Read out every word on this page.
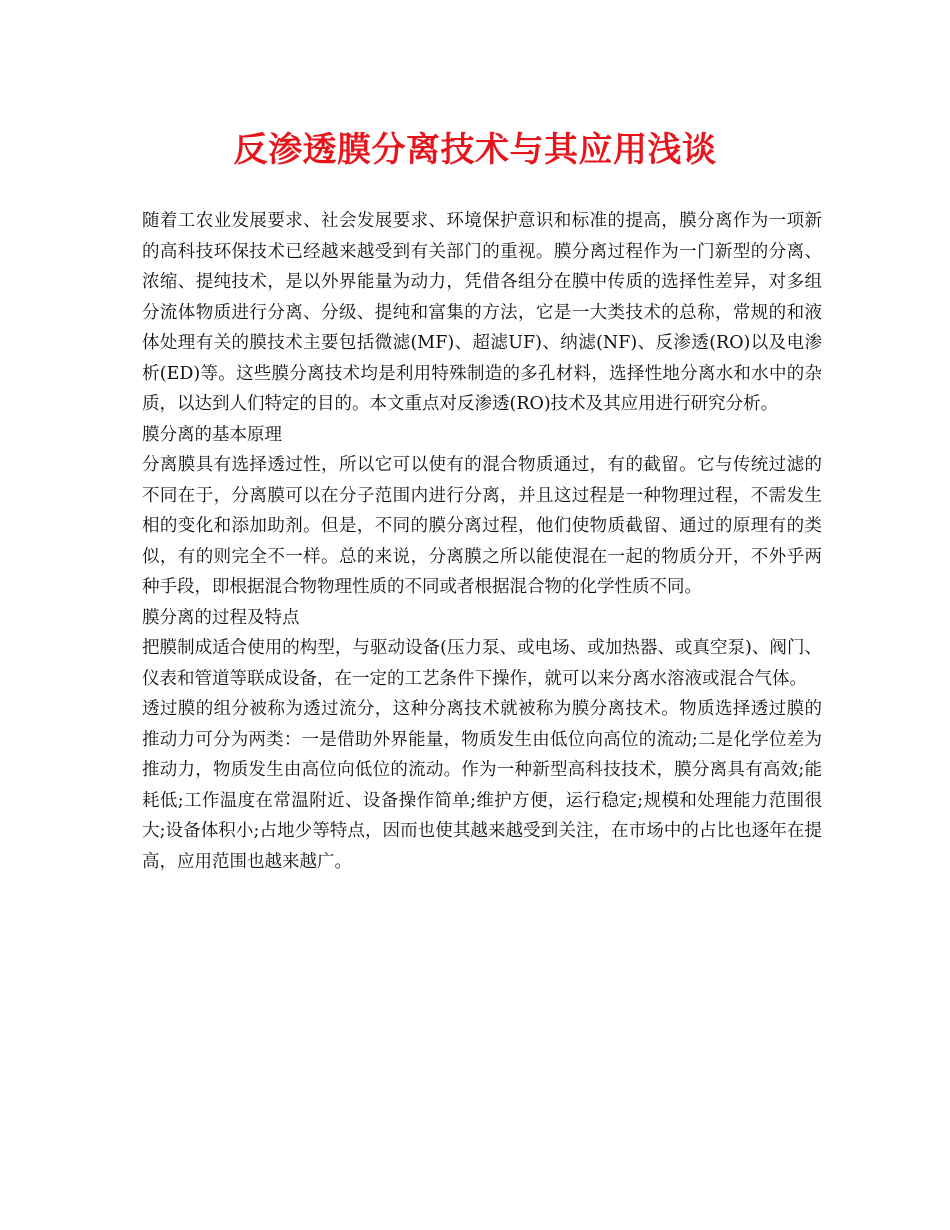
反渗透膜分离技术与其应用浅谈

随着工农业发展要求、社会发展要求、环境保护意识和标准的提高，膜分离作为一项新的高科技环保技术已经越来越受到有关部门的重视。膜分离过程作为一门新型的分离、浓缩、提纯技术，是以外界能量为动力，凭借各组分在膜中传质的选择性差异，对多组分流体物质进行分离、分级、提纯和富集的方法，它是一大类技术的总称，常规的和液体处理有关的膜技术主要包括微滤(MF)、超滤UF)、纳滤(NF)、反渗透(RO)以及电渗析(ED)等。这些膜分离技术均是利用特殊制造的多孔材料，选择性地分离水和水中的杂质，以达到人们特定的目的。本文重点对反渗透(RO)技术及其应用进行研究分析。

膜分离的基本原理

分离膜具有选择透过性，所以它可以使有的混合物质通过，有的截留。它与传统过滤的不同在于，分离膜可以在分子范围内进行分离，并且这过程是一种物理过程，不需发生相的变化和添加助剂。但是，不同的膜分离过程，他们使物质截留、通过的原理有的类似，有的则完全不一样。总的来说，分离膜之所以能使混在一起的物质分开，不外乎两种手段，即根据混合物物理性质的不同或者根据混合物的化学性质不同。

膜分离的过程及特点

把膜制成适合使用的构型，与驱动设备(压力泵、或电场、或加热器、或真空泵)、阀门、仪表和管道等联成设备，在一定的工艺条件下操作，就可以来分离水溶液或混合气体。

透过膜的组分被称为透过流分，这种分离技术就被称为膜分离技术。物质选择透过膜的推动力可分为两类：一是借助外界能量，物质发生由低位向高位的流动;二是化学位差为推动力，物质发生由高位向低位的流动。作为一种新型高科技技术，膜分离具有高效;能耗低;工作温度在常温附近、设备操作简单;维护方便，运行稳定;规模和处理能力范围很大;设备体积小;占地少等特点，因而也使其越来越受到关注，在市场中的占比也逐年在提高，应用范围也越来越广。
